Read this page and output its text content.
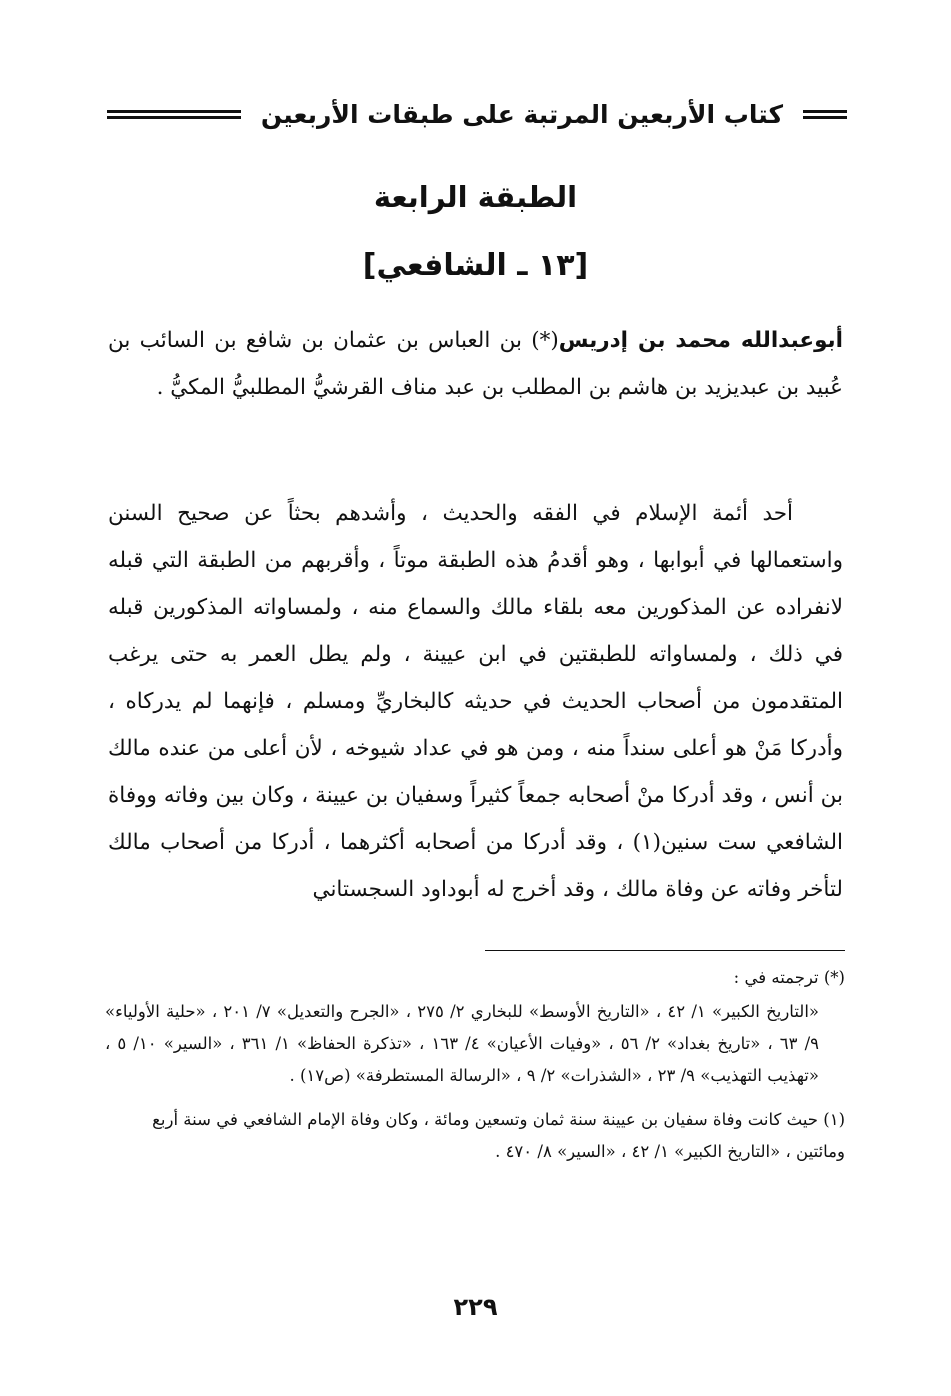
كتاب الأربعين المرتبة على طبقات الأربعين
الطبقة الرابعة
[١٣ ـ الشافعي]
أبوعبدالله محمد بن إدريس(*) بن العباس بن عثمان بن شافع بن السائب بن عُبيد بن عبديزيد بن هاشم بن المطلب بن عبد مناف القرشيُّ المطلبيُّ المكيُّ .
أحد أئمة الإسلام في الفقه والحديث ، وأشدهم بحثاً عن صحيح السنن واستعمالها في أبوابها ، وهو أقدمُ هذه الطبقة موتاً ، وأقربهم من الطبقة التي قبله لانفراده عن المذكورين معه بلقاء مالك والسماع منه ، ولمساواته المذكورين قبله في ذلك ، ولمساواته للطبقتين في ابن عيينة ، ولم يطل العمر به حتى يرغب المتقدمون من أصحاب الحديث في حديثه كالبخاريِّ ومسلم ، فإنهما لم يدركاه ، وأدركا مَنْ هو أعلى سنداً منه ، ومن هو في عداد شيوخه ، لأن أعلى من عنده مالك بن أنس ، وقد أدركا منْ أصحابه جمعاً كثيراً وسفيان بن عيينة ، وكان بين وفاته ووفاة الشافعي ست سنين(١) ، وقد أدركا من أصحابه أكثرهما ، أدركا من أصحاب مالك لتأخر وفاته عن وفاة مالك ، وقد أخرج له أبوداود السجستاني
(*) ترجمته في :
«التاريخ الكبير» ١/ ٤٢ ، «التاريخ الأوسط» للبخاري ٢/ ٢٧٥ ، «الجرح والتعديل» ٧/ ٢٠١ ، «حلية الأولياء» ٩/ ٦٣ ، «تاريخ بغداد» ٢/ ٥٦ ، «وفيات الأعيان» ٤/ ١٦٣ ، «تذكرة الحفاظ» ١/ ٣٦١ ، «السير» ١٠/ ٥ ، «تهذيب التهذيب» ٩/ ٢٣ ، «الشذرات» ٢/ ٩ ، «الرسالة المستطرفة» (ص١٧) .
(١) حيث كانت وفاة سفيان بن عيينة سنة ثمان وتسعين ومائة ، وكان وفاة الإمام الشافعي في سنة أربع ومائتين ، «التاريخ الكبير» ١/ ٤٢ ، «السير» ٨/ ٤٧٠ .
٢٢٩
